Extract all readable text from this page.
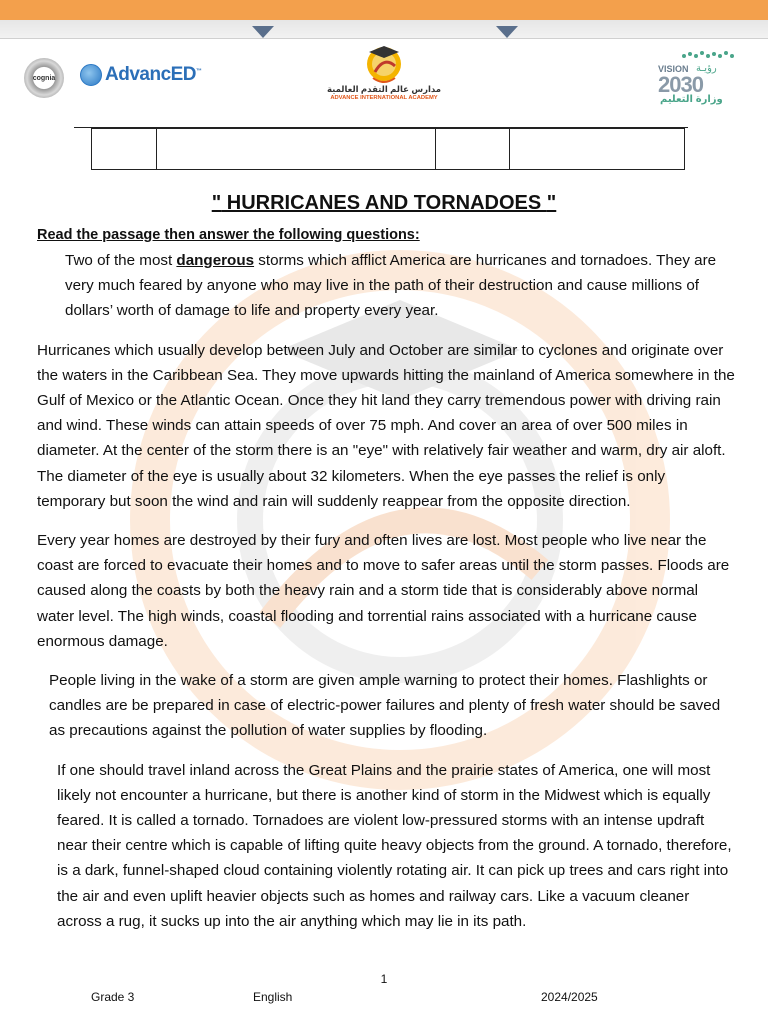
cognia	AdvancED™
مدارس عالم التقدم العالمية
ADVANCE INTERNATIONAL ACADEMY
VISION رؤيـة
2030
وزارة التعليم

" HURRICANES AND TORNADOES "
Read the passage then answer the following questions:

Two of the most dangerous storms which afflict America are hurricanes and tornadoes. They are very much feared by anyone who may live in the path of their destruction and cause millions of dollars’ worth of damage to life and property every year.

Hurricanes which usually develop between July and October are similar to cyclones and originate over the waters in the Caribbean Sea. They move upwards hitting the mainland of America somewhere in the Gulf of Mexico or the Atlantic Ocean. Once they hit land they carry tremendous power with driving rain and wind. These winds can attain speeds of over 75 mph. And cover an area of over 500 miles in diameter. At the center of the storm there is an "eye" with relatively fair weather and warm, dry air aloft. The diameter of the eye is usually about 32 kilometers. When the eye passes the relief is only temporary but soon the wind and rain will suddenly reappear from the opposite direction.

Every year homes are destroyed by their fury and often lives are lost. Most people who live near the coast are forced to evacuate their homes and to move to safer areas until the storm passes. Floods are caused along the coasts by both the heavy rain and a storm tide that is considerably above normal water level. The high winds, coastal flooding and torrential rains associated with a hurricane cause enormous damage.

People living in the wake of a storm are given ample warning to protect their homes. Flashlights or candles are be prepared in case of electric-power failures and plenty of fresh water should be saved as precautions against the pollution of water supplies by flooding.

If one should travel inland across the Great Plains and the prairie states of America, one will most likely not encounter a hurricane, but there is another kind of storm in the Midwest which is equally feared. It is called a tornado. Tornadoes are violent low-pressured storms with an intense updraft near their centre which is capable of lifting quite heavy objects from the ground. A tornado, therefore, is a dark, funnel-shaped cloud containing violently rotating air. It can pick up trees and cars right into the air and even uplift heavier objects such as homes and railway cars. Like a vacuum cleaner across a rug, it sucks up into the air anything which may lie in its path.

1
Grade 3	English	2024/2025
